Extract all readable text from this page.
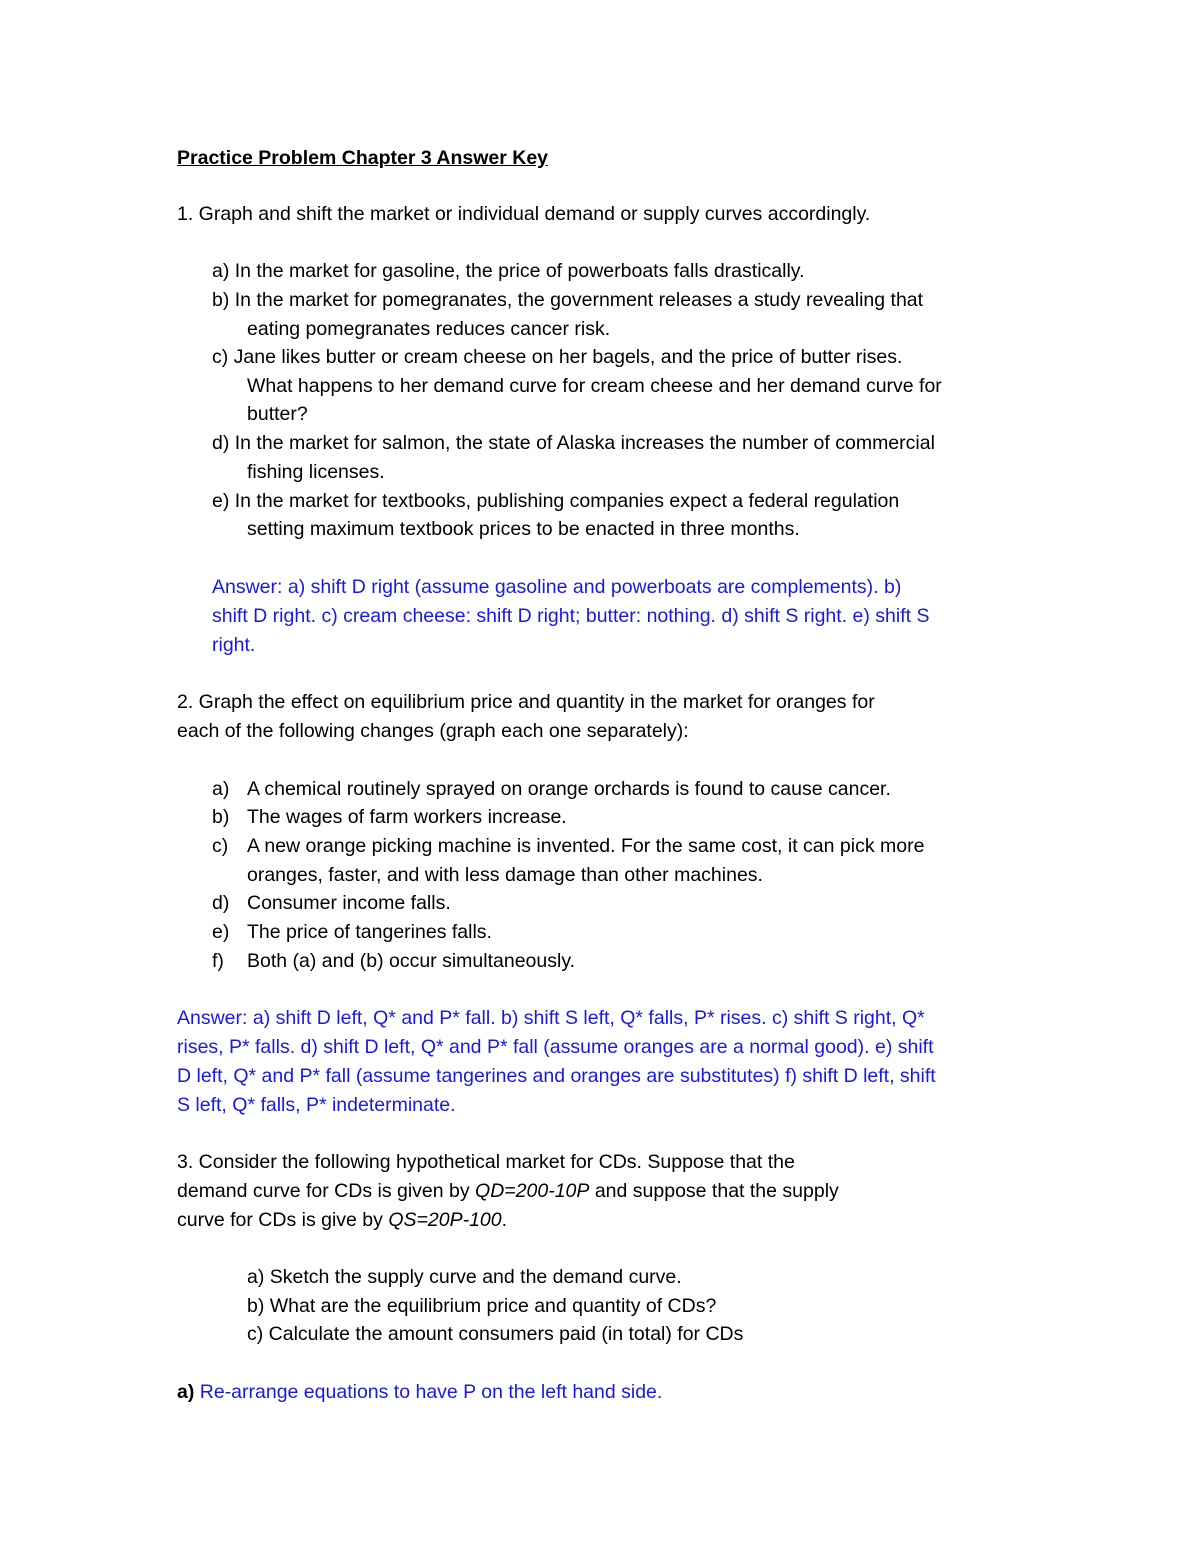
Practice Problem Chapter 3 Answer Key

1. Graph and shift the market or individual demand or supply curves accordingly.

a) In the market for gasoline, the price of powerboats falls drastically.

b) In the market for pomegranates, the government releases a study revealing that

eating pomegranates reduces cancer risk.

c) Jane likes butter or cream cheese on her bagels, and the price of butter rises.

What happens to her demand curve for cream cheese and her demand curve for

butter?

d) In the market for salmon, the state of Alaska increases the number of commercial

fishing licenses.

e) In the market for textbooks, publishing companies expect a federal regulation

setting maximum textbook prices to be enacted in three months.

Answer: a) shift D right (assume gasoline and powerboats are complements). b)

shift D right. c) cream cheese: shift D right; butter: nothing. d) shift S right. e) shift S

right.

2. Graph the effect on equilibrium price and quantity in the market for oranges for

each of the following changes (graph each one separately):

a) A chemical routinely sprayed on orange orchards is found to cause cancer.

b) The wages of farm workers increase.

c) A new orange picking machine is invented. For the same cost, it can pick more

oranges, faster, and with less damage than other machines.

d) Consumer income falls.

e) The price of tangerines falls.

f) Both (a) and (b) occur simultaneously.

Answer: a) shift D left, Q* and P* fall. b) shift S left, Q* falls, P* rises. c) shift S right, Q*

rises, P* falls. d) shift D left, Q* and P* fall (assume oranges are a normal good). e) shift

D left, Q* and P* fall (assume tangerines and oranges are substitutes) f) shift D left, shift

S left, Q* falls, P* indeterminate.

3. Consider the following hypothetical market for CDs. Suppose that the

demand curve for CDs is given by QD=200-10P and suppose that the supply

curve for CDs is give by QS=20P-100.

a) Sketch the supply curve and the demand curve.

b) What are the equilibrium price and quantity of CDs?

c) Calculate the amount consumers paid (in total) for CDs

a) Re-arrange equations to have P on the left hand side.
